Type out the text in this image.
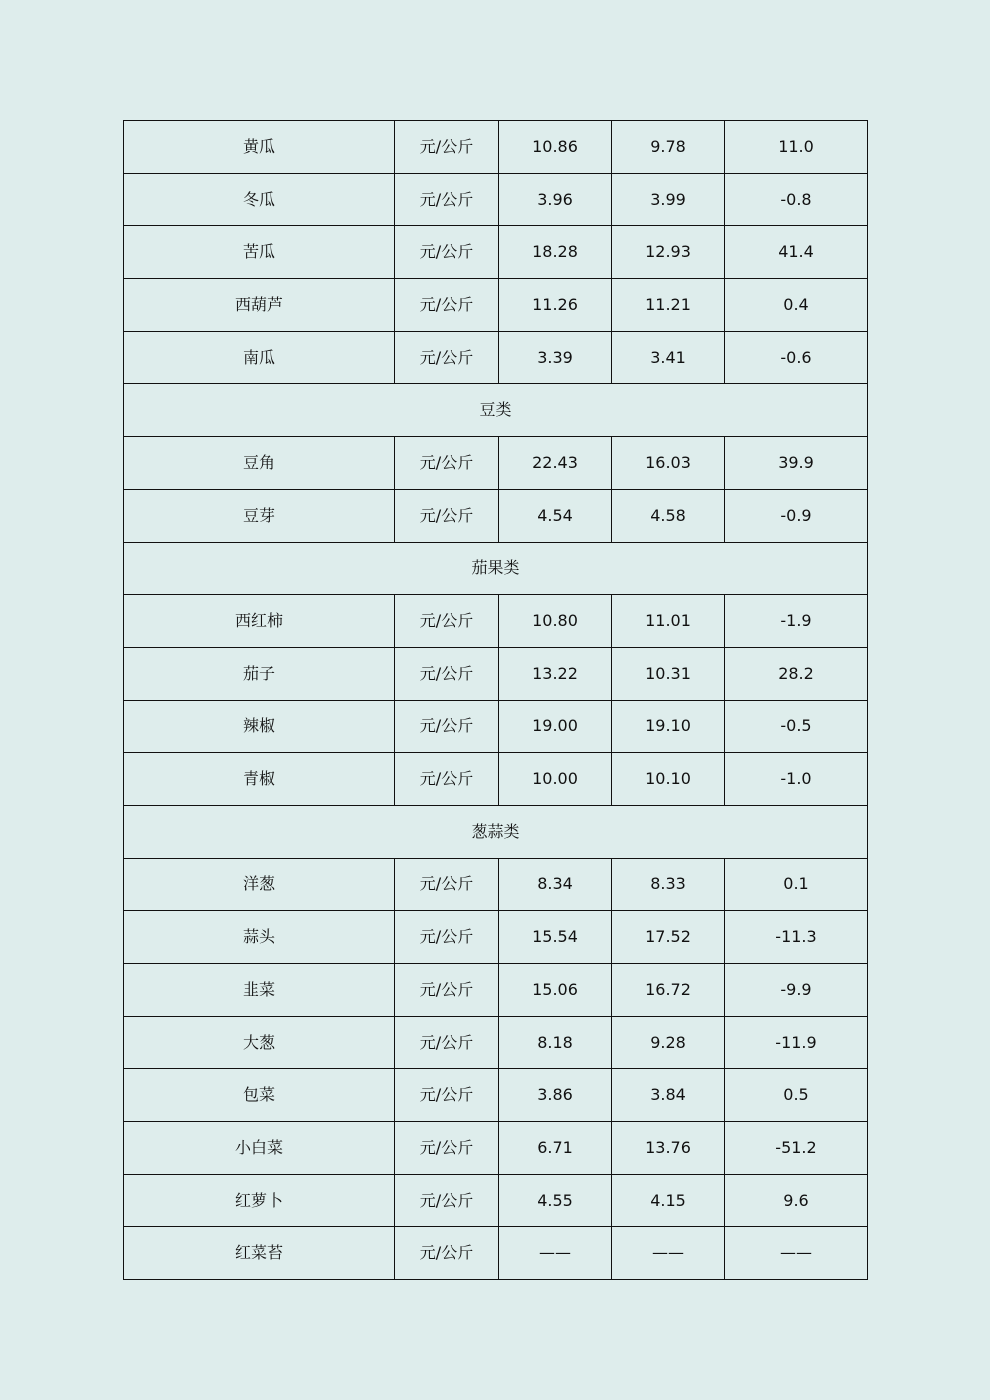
黄瓜	元/公斤	10.86	9.78	11.0
冬瓜	元/公斤	3.96	3.99	-0.8
苦瓜	元/公斤	18.28	12.93	41.4
西葫芦	元/公斤	11.26	11.21	0.4
南瓜	元/公斤	3.39	3.41	-0.6
豆类				
豆角	元/公斤	22.43	16.03	39.9
豆芽	元/公斤	4.54	4.58	-0.9
茄果类				
西红柿	元/公斤	10.80	11.01	-1.9
茄子	元/公斤	13.22	10.31	28.2
辣椒	元/公斤	19.00	19.10	-0.5
青椒	元/公斤	10.00	10.10	-1.0
葱蒜类				
洋葱	元/公斤	8.34	8.33	0.1
蒜头	元/公斤	15.54	17.52	-11.3
韭菜	元/公斤	15.06	16.72	-9.9
大葱	元/公斤	8.18	9.28	-11.9
包菜	元/公斤	3.86	3.84	0.5
小白菜	元/公斤	6.71	13.76	-51.2
红萝卜	元/公斤	4.55	4.15	9.6
红菜苔	元/公斤	——	——	——
